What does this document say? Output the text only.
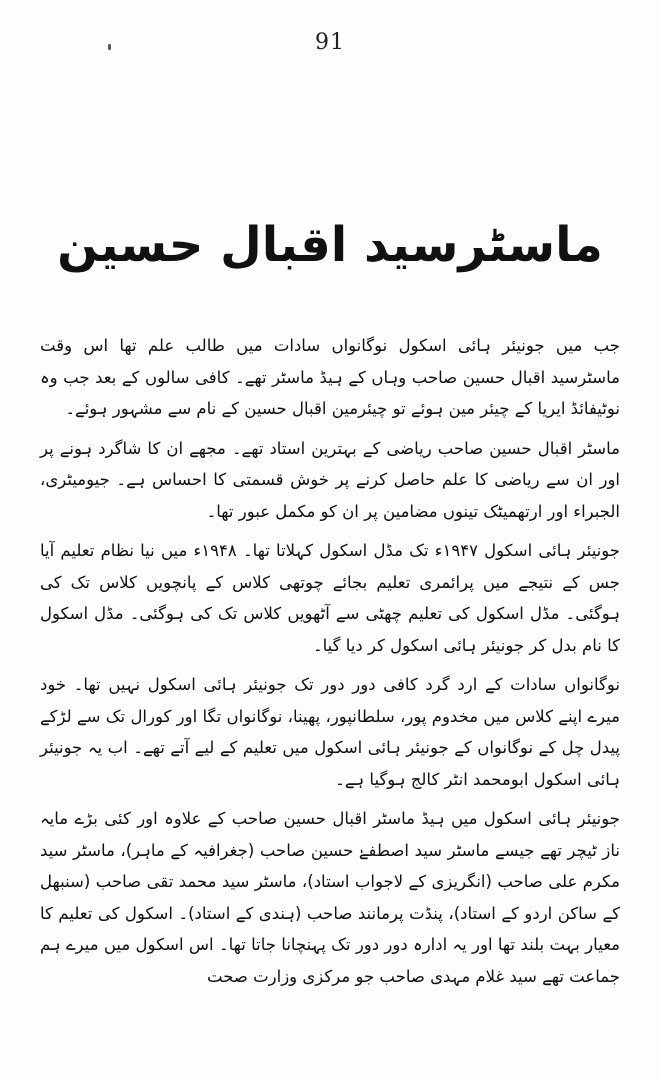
91
ماسٹرسید اقبال حسین

جب میں جونیئر ہائی اسکول نوگانواں سادات میں طالب علم تھا اس وقت ماسٹرسید اقبال حسین صاحب وہاں کے ہیڈ ماسٹر تھے۔ کافی سالوں کے بعد جب وہ نوٹیفائڈ ایریا کے چیئر مین ہوئے تو چیئرمین اقبال حسین کے نام سے مشہور ہوئے۔

ماسٹر اقبال حسین صاحب ریاضی کے بہترین استاد تھے۔ مجھے ان کا شاگرد ہونے پر اور ان سے ریاضی کا علم حاصل کرنے پر خوش قسمتی کا احساس ہے۔ جیومیٹری، الجبراء اور ارتھمیٹک تینوں مضامین پر ان کو مکمل عبور تھا۔

جونیئر ہائی اسکول ۱۹۴۷ء تک مڈل اسکول کہلاتا تھا۔ ۱۹۴۸ء میں نیا نظام تعلیم آیا جس کے نتیجے میں پرائمری تعلیم بجائے چوتھی کلاس کے پانچویں کلاس تک کی ہوگئی۔ مڈل اسکول کی تعلیم چھٹی سے آٹھویں کلاس تک کی ہوگئی۔ مڈل اسکول کا نام بدل کر جونیئر ہائی اسکول کر دیا گیا۔

نوگانواں سادات کے ارد گرد کافی دور دور تک جونیئر ہائی اسکول نہیں تھا۔ خود میرے اپنے کلاس میں مخدوم پور، سلطانپور، پھینا، نوگانواں تگا اور کورال تک سے لڑکے پیدل چل کے نوگانواں کے جونیئر ہائی اسکول میں تعلیم کے لیے آتے تھے۔ اب یہ جونیئر ہائی اسکول ابومحمد انٹر کالج ہوگیا ہے۔

جونیئر ہائی اسکول میں ہیڈ ماسٹر اقبال حسین صاحب کے علاوہ اور کئی بڑے مایہ ناز ٹیچر تھے جیسے ماسٹر سید اصطفےٰ حسین صاحب (جغرافیہ کے ماہر)، ماسٹر سید مکرم علی صاحب (انگریزی کے لاجواب استاد)، ماسٹر سید محمد تقی صاحب (سنبھل کے ساکن اردو کے استاد)، پنڈت پرمانند صاحب (ہندی کے استاد)۔ اسکول کی تعلیم کا معیار بہت بلند تھا اور یہ ادارہ دور دور تک پہنچانا جاتا تھا۔ اس اسکول میں میرے ہم جماعت تھے سید غلام مہدی صاحب جو مرکزی وزارت صحت
